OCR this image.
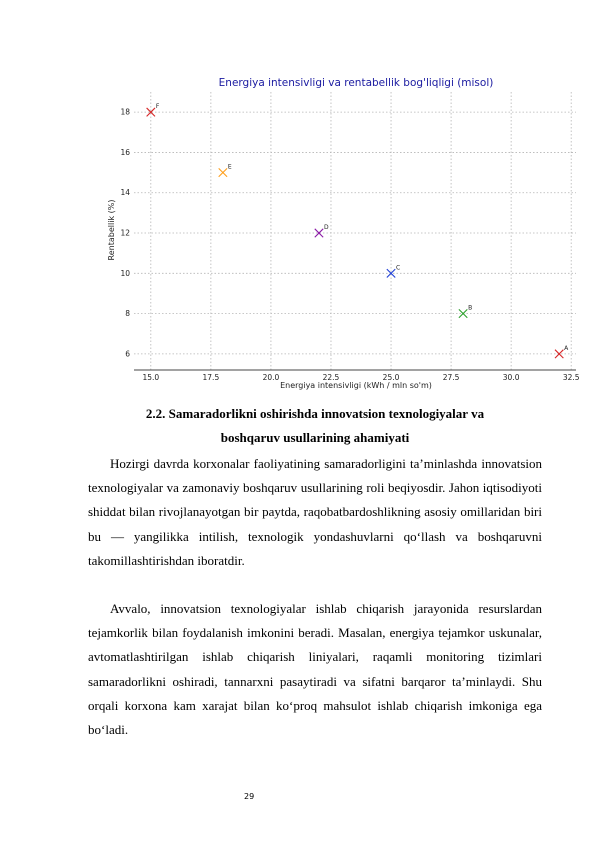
15.0	17.5	20.0	22.5	25.0	27.5	30.0	32.5
6
8
10
12
14
16
18
F
E
D
C
B
A
Energiya intensivligi va rentabellik bog'liqligi (misol)
Energiya intensivligi (kWh / mln so'm)
Rentabellik (%)
2.2. Samaradorlikni oshirishda innovatsion texnologiyalar va
boshqaruv usullarining ahamiyati

Hozirgi davrda korxonalar faoliyatining samaradorligini ta’minlashda innovatsion texnologiyalar va zamonaviy boshqaruv usullarining roli beqiyosdir. Jahon iqtisodiyoti shiddat bilan rivojlanayotgan bir paytda, raqobatbardoshlikning asosiy omillaridan biri bu — yangilikka intilish, texnologik yondashuvlarni qo‘llash va boshqaruvni takomillashtirishdan iboratdir.

Avvalo, innovatsion texnologiyalar ishlab chiqarish jarayonida resurslardan tejamkorlik bilan foydalanish imkonini beradi. Masalan, energiya tejamkor uskunalar, avtomatlashtirilgan ishlab chiqarish liniyalari, raqamli monitoring tizimlari samaradorlikni oshiradi, tannarxni pasaytiradi va sifatni barqaror ta’minlaydi. Shu orqali korxona kam xarajat bilan ko‘proq mahsulot ishlab chiqarish imkoniga ega bo‘ladi.

29
